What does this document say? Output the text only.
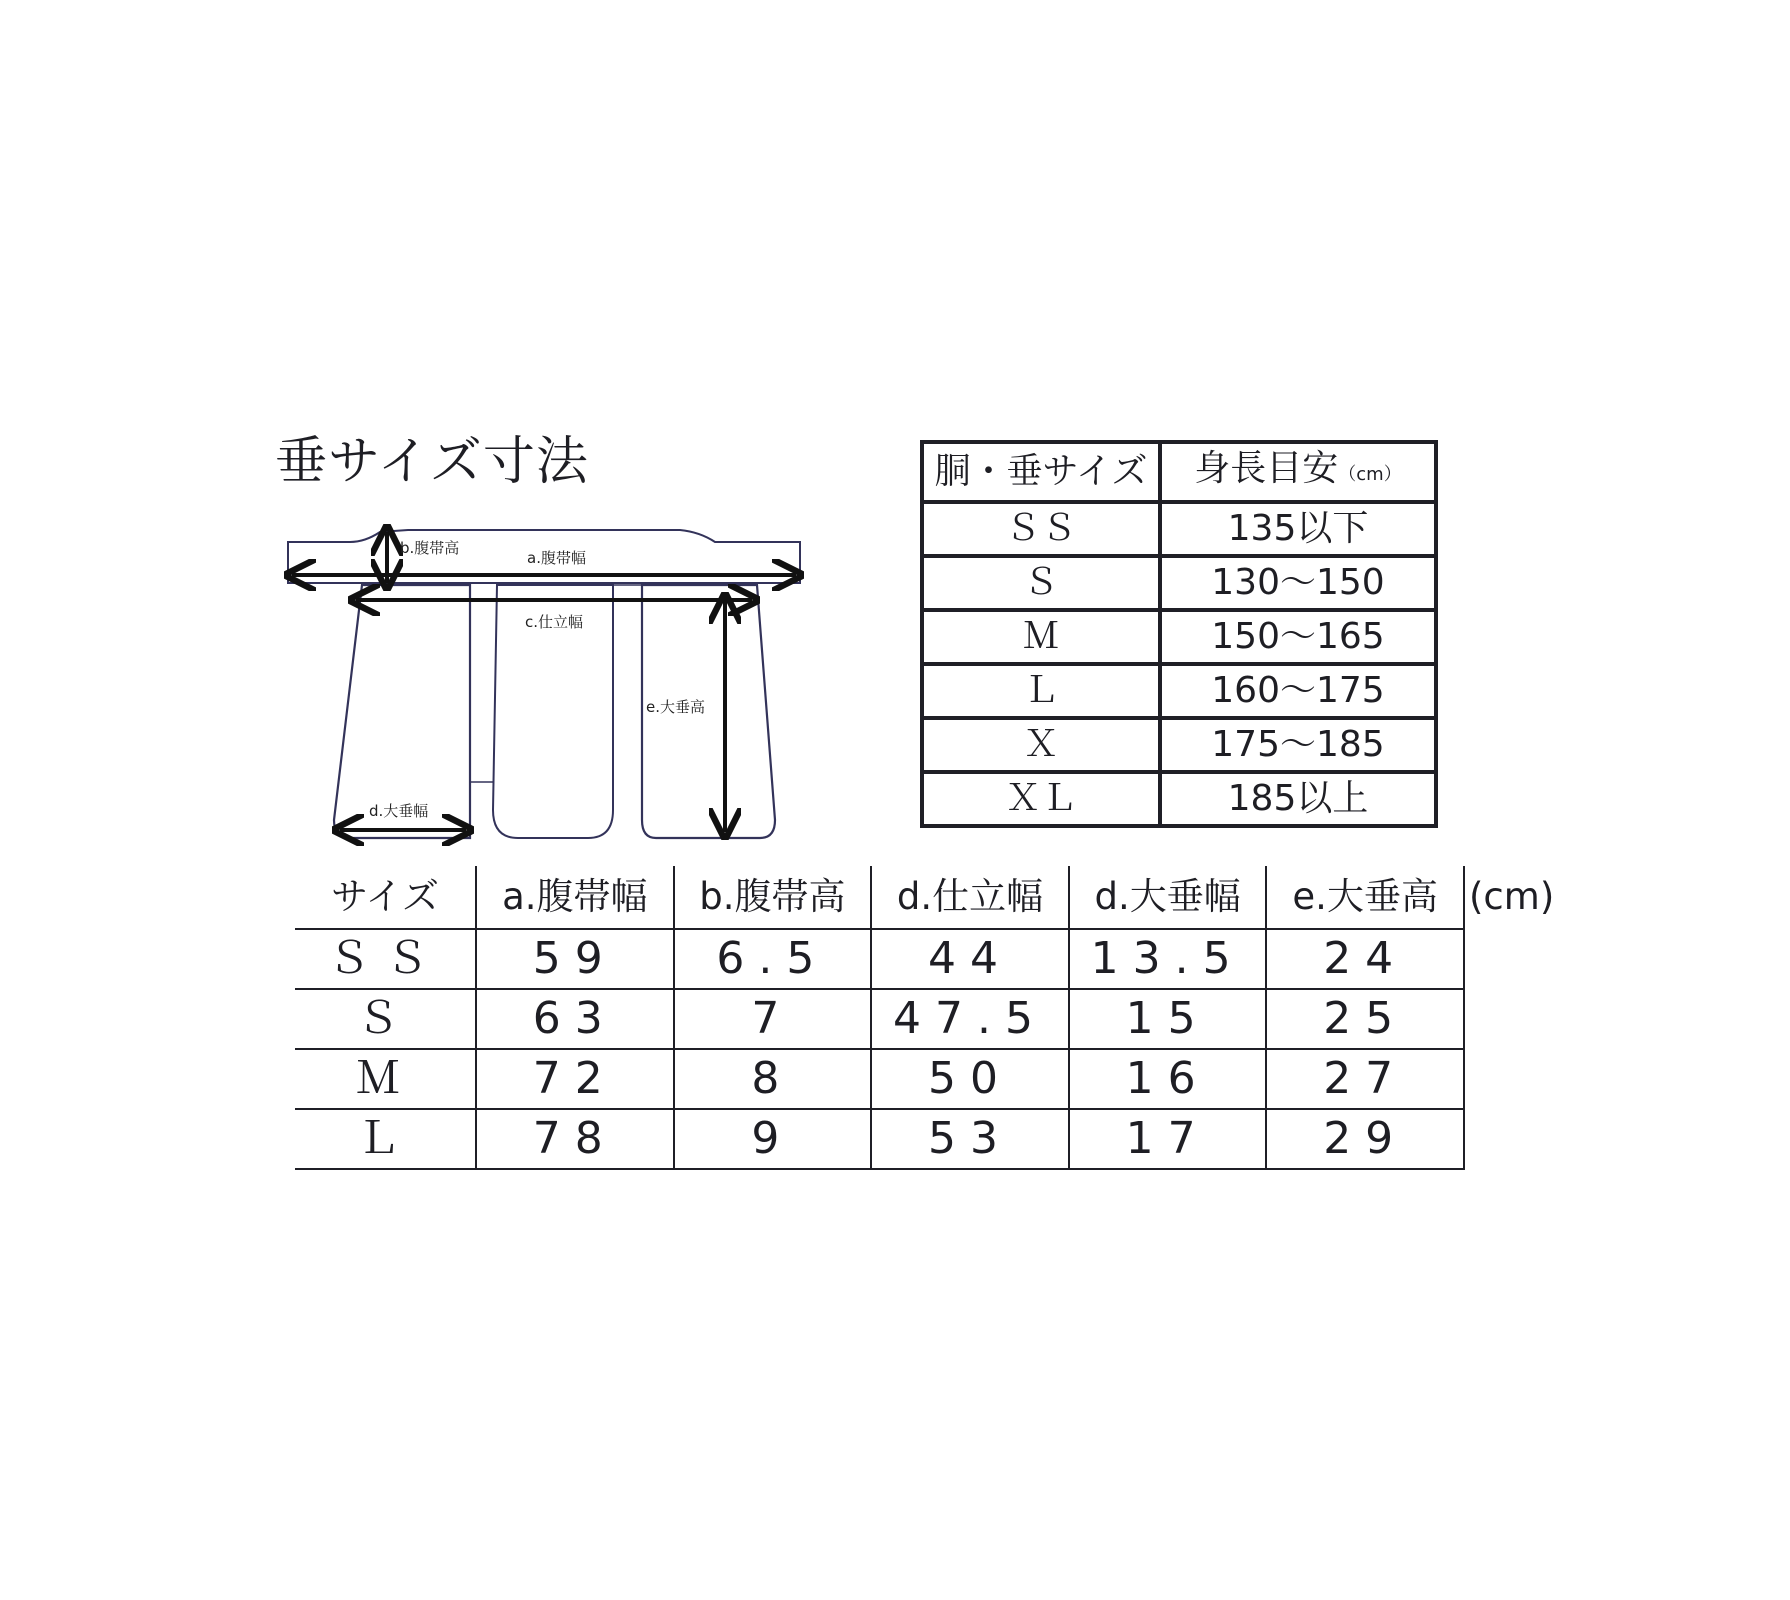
垂サイズ寸法
b.腹帯高
a.腹帯幅
c.仕立幅
e.大垂高
d.大垂幅
胴・垂サイズ	身長目安（cm）
ＳＳ	135以下
Ｓ	130～150
Ｍ	150～165
Ｌ	160～175
Ｘ	175～185
ＸＬ	185以上
サイズ	a.腹帯幅	b.腹帯高	d.仕立幅	d.大垂幅	e.大垂高
ＳＳ	59	6.5	44	13.5	24
Ｓ	63	7	47.5	15	25
Ｍ	72	8	50	16	27
Ｌ	78	9	53	17	29
(cm)
